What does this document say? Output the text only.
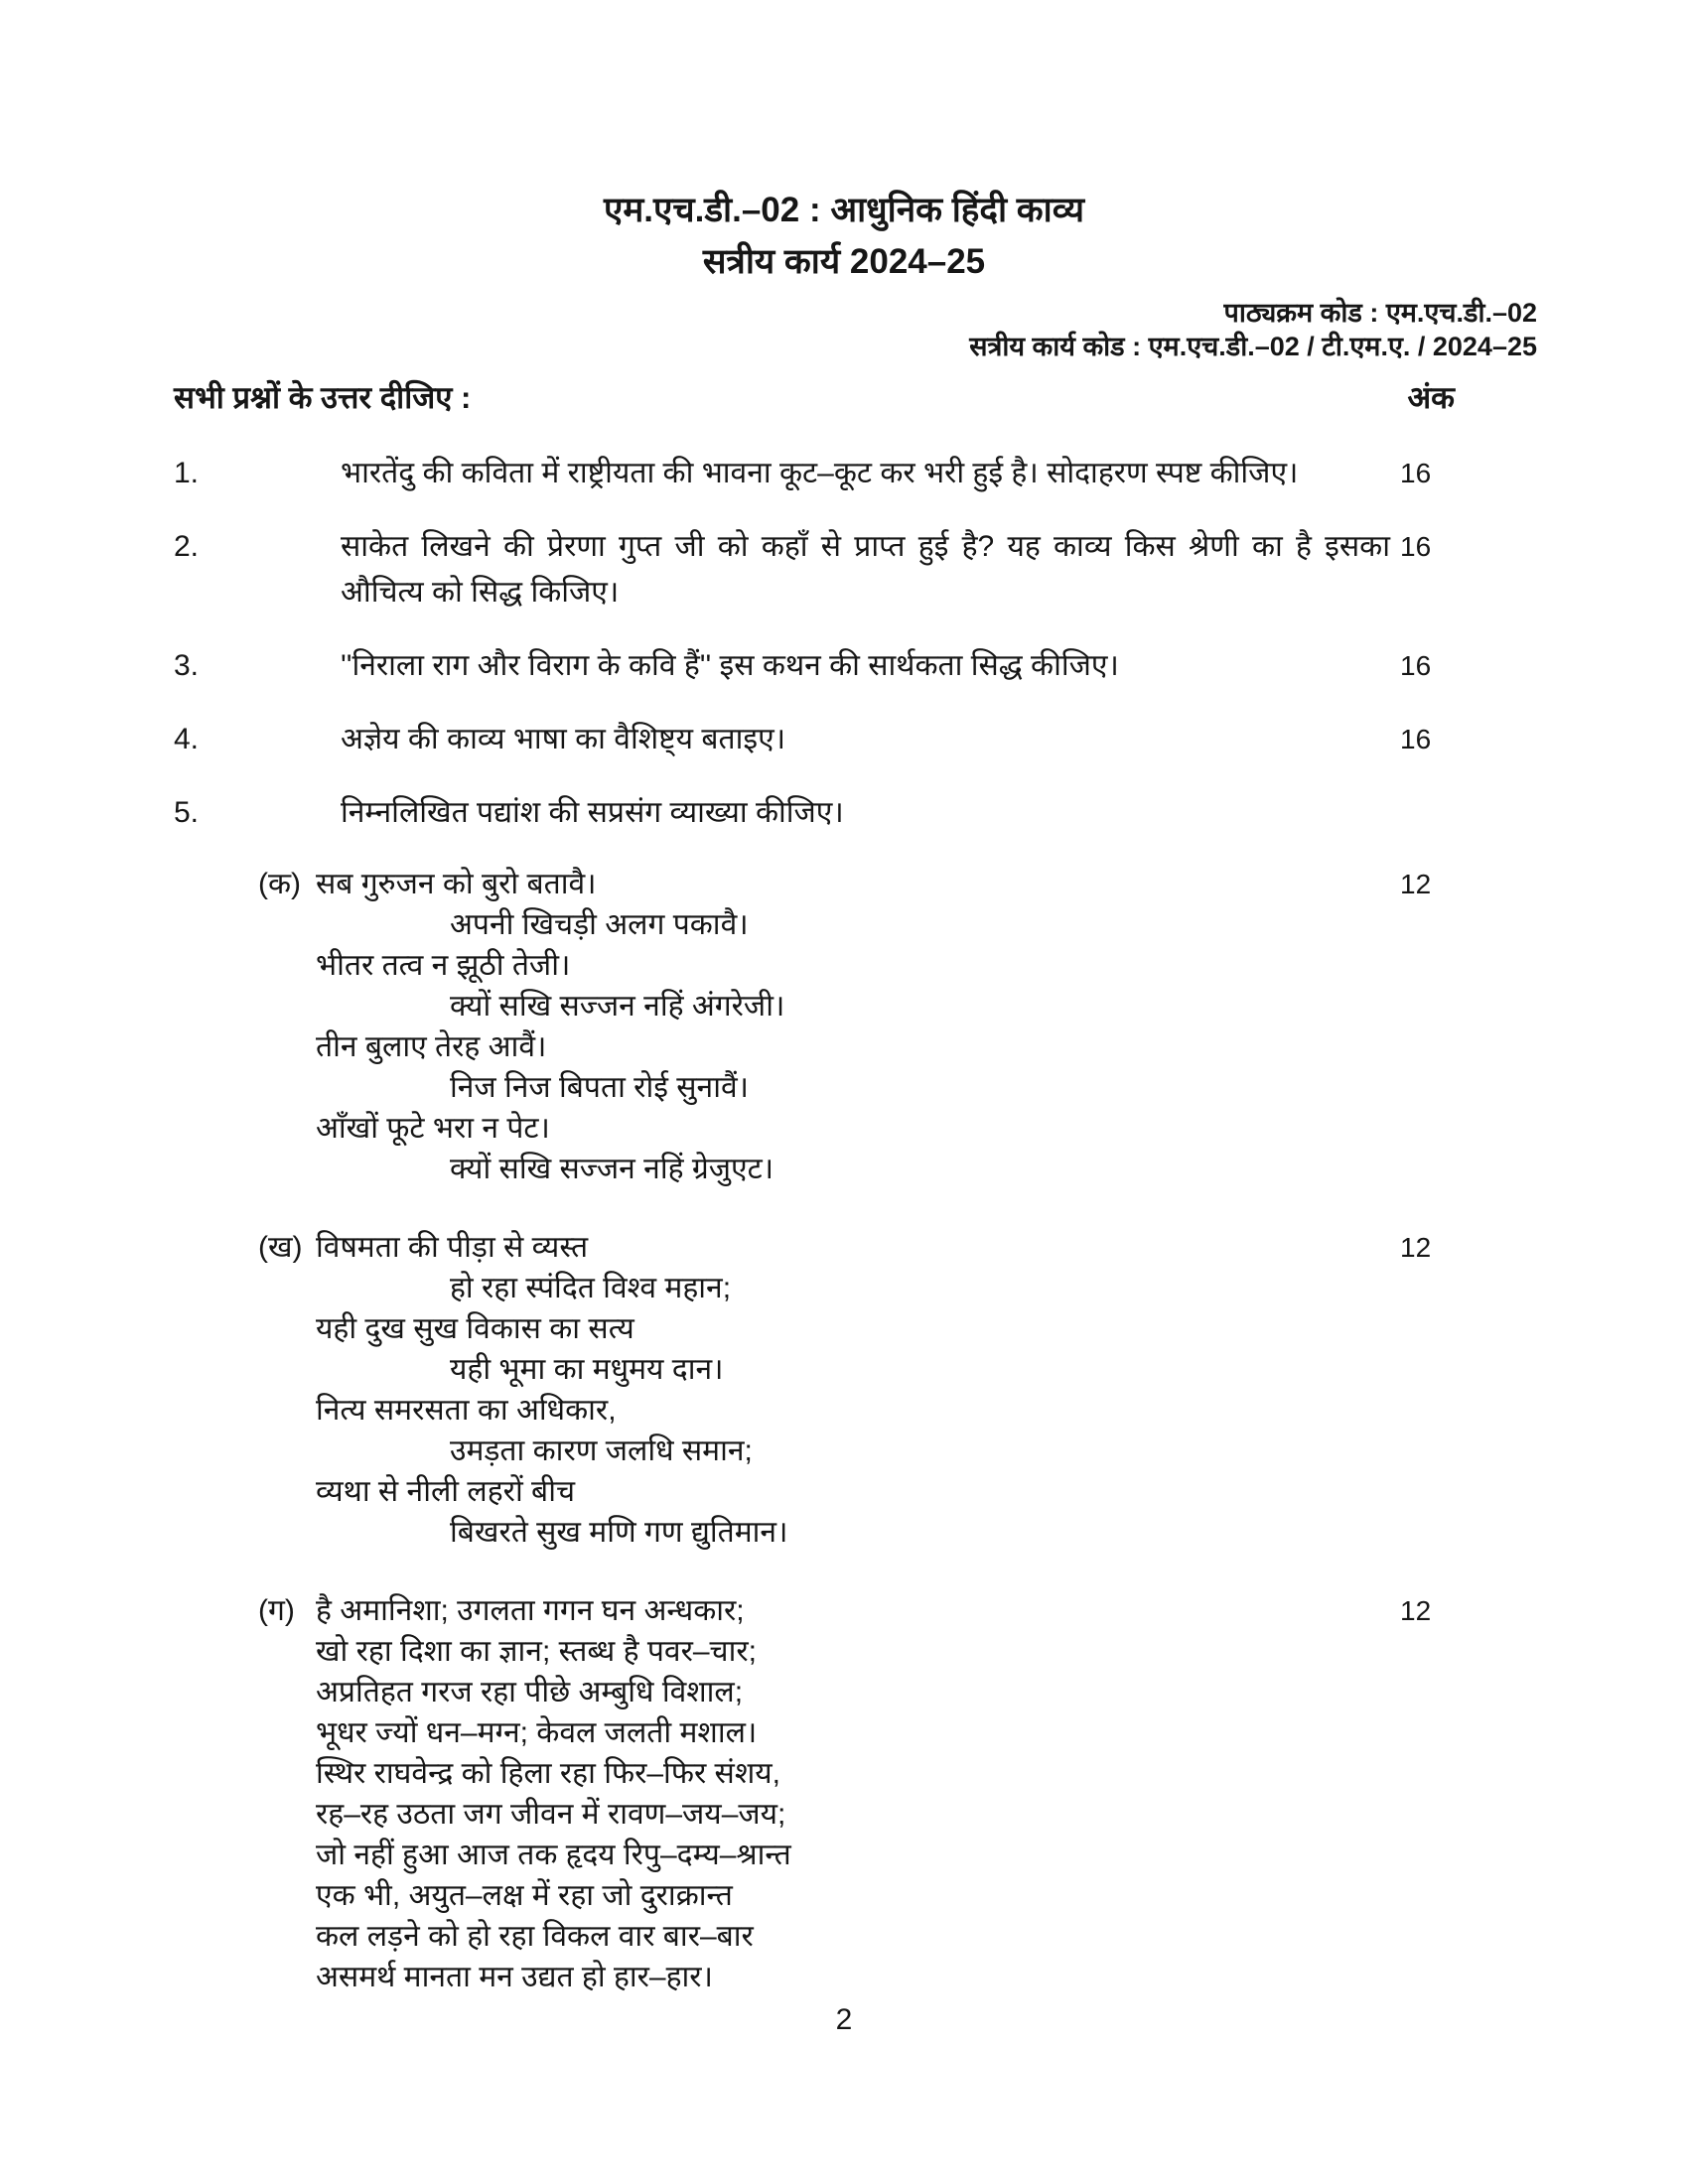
एम.एच.डी.–02 : आधुनिक हिंदी काव्य
सत्रीय कार्य 2024–25
पाठ्यक्रम कोड : एम.एच.डी.–02
सत्रीय कार्य कोड : एम.एच.डी.–02 / टी.एम.ए. / 2024–25
सभी प्रश्नों के उत्तर दीजिए :	अंक
1.	भारतेंदु की कविता में राष्ट्रीयता की भावना कूट–कूट कर भरी हुई है। सोदाहरण स्पष्ट कीजिए।	16
2.	साकेत लिखने की प्रेरणा गुप्त जी को कहाँ से प्राप्त हुई है? यह काव्य किस श्रेणी का है इसका औचित्य को सिद्ध किजिए।
16
3.	''निराला राग और विराग के कवि हैं'' इस कथन की सार्थकता सिद्ध कीजिए।	16
4.	अज्ञेय की काव्य भाषा का वैशिष्ट्य बताइए।	16
5.	निम्नलिखित पद्यांश की सप्रसंग व्याख्या कीजिए।
(क) सब गुरुजन को बुरो बतावै।
अपनी खिचड़ी अलग पकावै।
भीतर तत्व न झूठी तेजी।
क्यों सखि सज्जन नहिं अंगरेजी।
तीन बुलाए तेरह आवैं।
निज निज बिपता रोई सुनावैं।
आँखों फूटे भरा न पेट।
क्यों सखि सज्जन नहिं ग्रेजुएट।
12
(ख) विषमता की पीड़ा से व्यस्त
हो रहा स्पंदित विश्व महान;
यही दुख सुख विकास का सत्य
यही भूमा का मधुमय दान।
नित्य समरसता का अधिकार,
उमड़ता कारण जलधि समान;
व्यथा से नीली लहरों बीच
बिखरते सुख मणि गण द्युतिमान।
12
(ग) है अमानिशा; उगलता गगन घन अन्धकार;
खो रहा दिशा का ज्ञान; स्तब्ध है पवर–चार;
अप्रतिहत गरज रहा पीछे अम्बुधि विशाल;
भूधर ज्यों धन–मग्न; केवल जलती मशाल।
स्थिर राघवेन्द्र को हिला रहा फिर–फिर संशय,
रह–रह उठता जग जीवन में रावण–जय–जय;
जो नहीं हुआ आज तक हृदय रिपु–दम्य–श्रान्त
एक भी, अयुत–लक्ष में रहा जो दुराक्रान्त
कल लड़ने को हो रहा विकल वार बार–बार
असमर्थ मानता मन उद्यत हो हार–हार।
12
2
